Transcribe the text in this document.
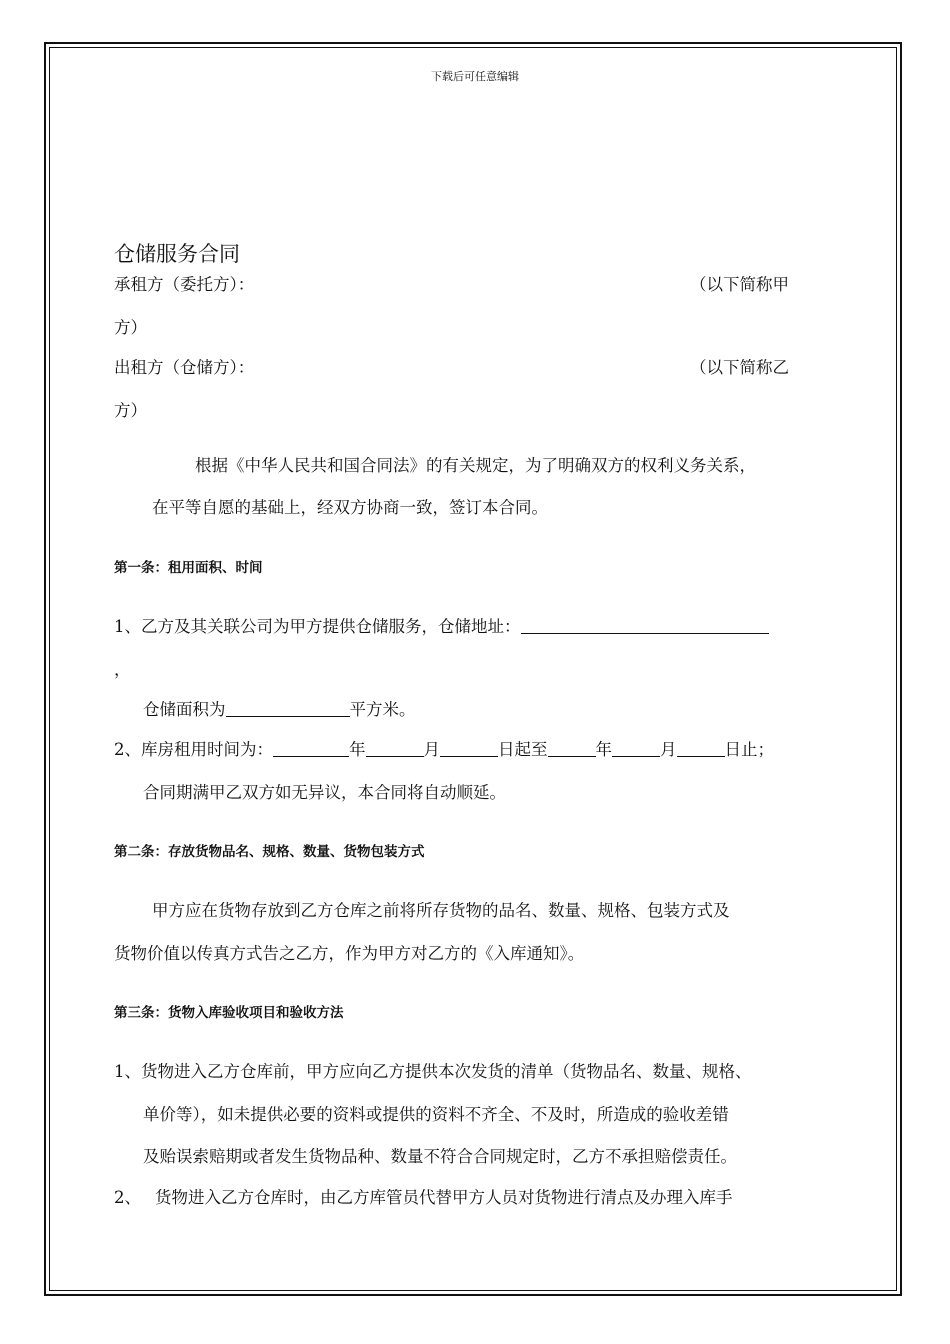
下载后可任意编辑
仓储服务合同
承租方（委托方）：	（以下简称甲
方）
出租方（仓储方）：	（以下简称乙
方）
根据《中华人民共和国合同法》的有关规定，为了明确双方的权利义务关系，
在平等自愿的基础上，经双方协商一致，签订本合同。
第一条：租用面积、时间
1、乙方及其关联公司为甲方提供仓储服务，仓储地址：
，
仓储面积为	平方米。
2、库房租用时间为：	年	月	日起至	年	月	日止；
合同期满甲乙双方如无异议，本合同将自动顺延。
第二条：存放货物品名、规格、数量、货物包装方式
甲方应在货物存放到乙方仓库之前将所存货物的品名、数量、规格、包装方式及
货物价值以传真方式告之乙方，作为甲方对乙方的《入库通知》。
第三条：货物入库验收项目和验收方法
1、货物进入乙方仓库前，甲方应向乙方提供本次发货的清单（货物品名、数量、规格、
单价等），如未提供必要的资料或提供的资料不齐全、不及时，所造成的验收差错
及贻误索赔期或者发生货物品种、数量不符合合同规定时，乙方不承担赔偿责任。
2、 货物进入乙方仓库时，由乙方库管员代替甲方人员对货物进行清点及办理入库手
